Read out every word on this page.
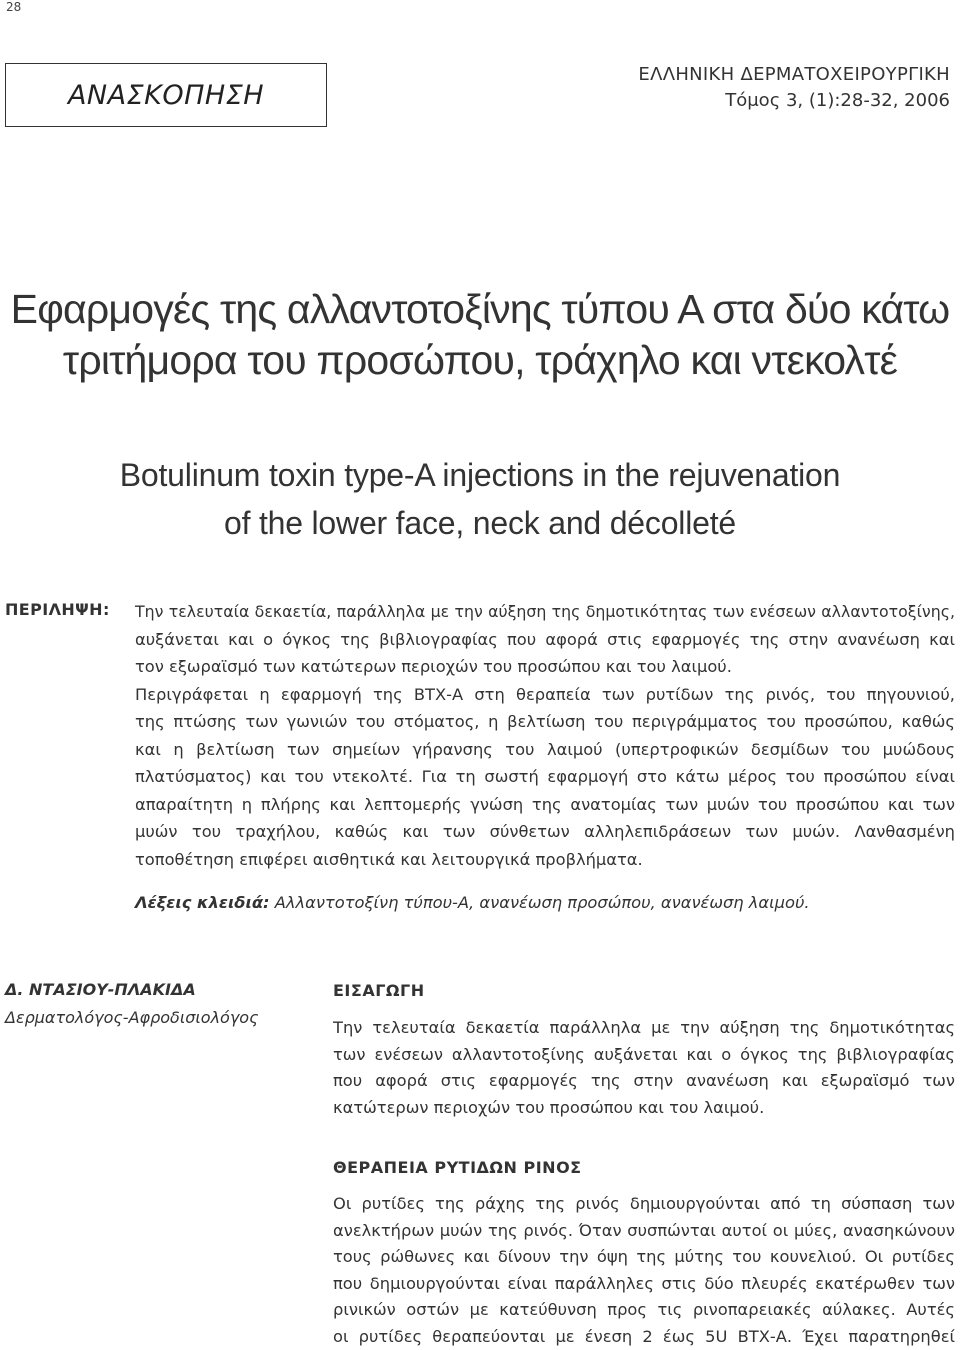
28
ΑΝΑΣΚΟΠΗΣΗ
ΕΛΛΗΝΙΚΗ ΔΕΡΜΑΤΟΧΕΙΡΟΥΡΓΙΚΗ
Τόμος 3, (1):28-32, 2006
Εφαρμογές της αλλαντοτοξίνης τύπου Α στα δύο κάτω
τριτήμορα του προσώπου, τράχηλο και ντεκολτέ
Botulinum toxin type-A injections in the rejuvenation
of the lower face, neck and décolleté
ΠΕΡΙΛΗΨΗ: Την τελευταία δεκαετία, παράλληλα με την αύξηση της δημοτικότητας των ενέσεων αλλαντοτοξίνης,
αυξάνεται και ο όγκος της βιβλιογραφίας που αφορά στις εφαρμογές της στην ανανέωση και
τον εξωραϊσμό των κατώτερων περιοχών του προσώπου και του λαιμού.
Περιγράφεται η εφαρμογή της ΒΤΧ-Α στη θεραπεία των ρυτίδων της ρινός, του πηγουνιού,
της πτώσης των γωνιών του στόματος, η βελτίωση του περιγράμματος του προσώπου, καθώς
και η βελτίωση των σημείων γήρανσης του λαιμού (υπερτροφικών δεσμίδων του μυώδους
πλατύσματος) και του ντεκολτέ. Για τη σωστή εφαρμογή στο κάτω μέρος του προσώπου είναι
απαραίτητη η πλήρης και λεπτομερής γνώση της ανατομίας των μυών του προσώπου και των
μυών του τραχήλου, καθώς και των σύνθετων αλληλεπιδράσεων των μυών. Λανθασμένη
τοποθέτηση επιφέρει αισθητικά και λειτουργικά προβλήματα.
Λέξεις κλειδιά: Αλλαντοτοξίνη τύπου-Α, ανανέωση προσώπου, ανανέωση λαιμού.
Δ. ΝΤΑΣΙΟΥ-ΠΛΑΚΙΔΑ
Δερματολόγος-Αφροδισιολόγος
ΕΙΣΑΓΩΓΗ
Την τελευταία δεκαετία παράλληλα με την αύξηση της δημοτικότητας
των ενέσεων αλλαντοτοξίνης αυξάνεται και ο όγκος της βιβλιογραφίας
που αφορά στις εφαρμογές της στην ανανέωση και εξωραϊσμό των
κατώτερων περιοχών του προσώπου και του λαιμού.
ΘΕΡΑΠΕΙΑ ΡΥΤΙΔΩΝ ΡΙΝΟΣ
Οι ρυτίδες της ράχης της ρινός δημιουργούνται από τη σύσπαση των
ανελκτήρων μυών της ρινός. Όταν συσπώνται αυτοί οι μύες, ανασηκώνουν
τους ρώθωνες και δίνουν την όψη της μύτης του κουνελιού. Οι ρυτίδες
που δημιουργούνται είναι παράλληλες στις δύο πλευρές εκατέρωθεν των
ρινικών οστών με κατεύθυνση προς τις ρινοπαρειακές αύλακες. Αυτές
οι ρυτίδες θεραπεύονται με ένεση 2 έως 5U ΒΤΧ-Α. Έχει παρατηρηθεί
